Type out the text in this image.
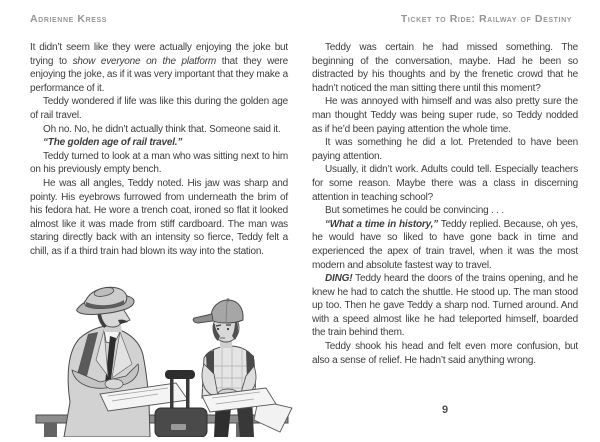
Adrienne Kress	Ticket to Ride: Railway of Destiny

It didn’t seem like they were actually enjoying the joke but trying to show everyone on the platform that they were enjoying the joke, as if it was very important that they make a performance of it.

Teddy wondered if life was like this during the golden age of rail travel.

Oh no. No, he didn’t actually think that. Someone said it.

“The golden age of rail travel.”

Teddy turned to look at a man who was sitting next to him on his previously empty bench.

He was all angles, Teddy noted. His jaw was sharp and pointy. His eyebrows furrowed from underneath the brim of his fedora hat. He wore a trench coat, ironed so flat it looked almost like it was made from stiff cardboard. The man was staring directly back with an intensity so fierce, Teddy felt a chill, as if a third train had blown its way into the station.

Teddy was certain he had missed something. The beginning of the conversation, maybe. Had he been so distracted by his thoughts and by the frenetic crowd that he hadn’t noticed the man sitting there until this moment?

He was annoyed with himself and was also pretty sure the man thought Teddy was being super rude, so Teddy nodded as if he’d been paying attention the whole time.

It was something he did a lot. Pretended to have been paying attention.

Usually, it didn’t work. Adults could tell. Especially teachers for some reason. Maybe there was a class in discerning attention in teaching school?

But sometimes he could be convincing . . .

“What a time in history,” Teddy replied. Because, oh yes, he would have so liked to have gone back in time and experienced the apex of train travel, when it was the most modern and absolute fastest way to travel.

DING! Teddy heard the doors of the trains opening, and he knew he had to catch the shuttle. He stood up. The man stood up too. Then he gave Teddy a sharp nod. Turned around. And with a speed almost like he had teleported himself, boarded the train behind them.

Teddy shook his head and felt even more confusion, but also a sense of relief. He hadn’t said anything wrong.

9
